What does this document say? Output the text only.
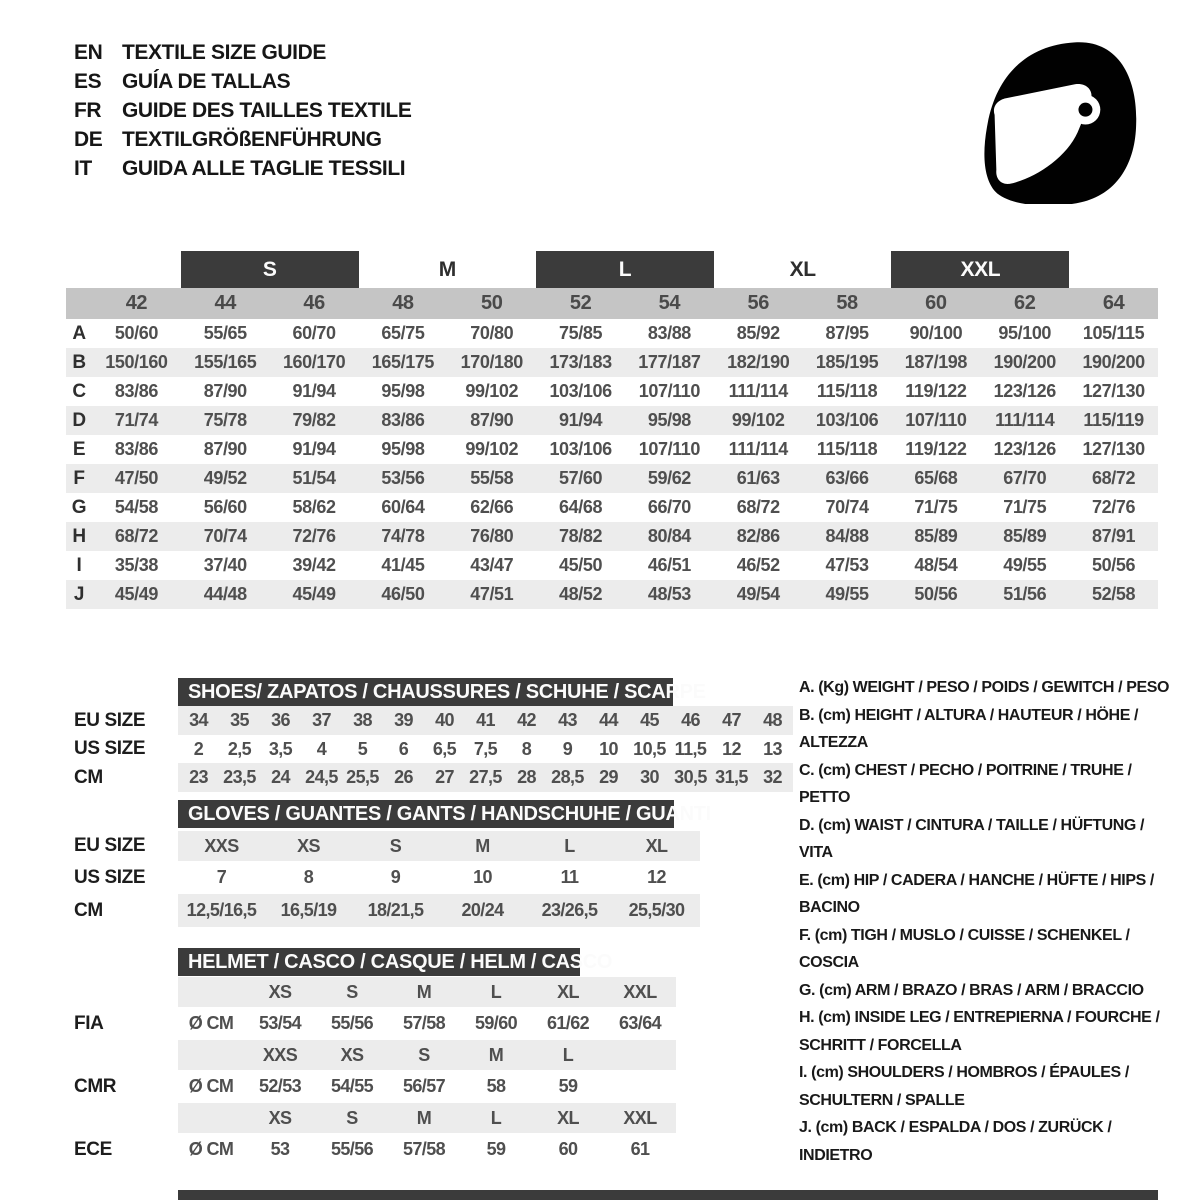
EN TEXTILE SIZE GUIDE
ES GUÍA DE TALLAS
FR GUIDE DES TAILLES TEXTILE
DE TEXTILGRÖßENFÜHRUNG
IT	GUIDA ALLE TAGLIE TESSILI
		S		M		L		XL		XXL		
	42	44	46	48	50	52	54	56	58	60	62	64
A	50/60	55/65	60/70	65/75	70/80	75/85	83/88	85/92	87/95	90/100	95/100	105/115
B	150/160	155/165	160/170	165/175	170/180	173/183	177/187	182/190	185/195	187/198	190/200	190/200
C	83/86	87/90	91/94	95/98	99/102	103/106	107/110	111/114	115/118	119/122	123/126	127/130
D	71/74	75/78	79/82	83/86	87/90	91/94	95/98	99/102	103/106	107/110	111/114	115/119
E	83/86	87/90	91/94	95/98	99/102	103/106	107/110	111/114	115/118	119/122	123/126	127/130
F	47/50	49/52	51/54	53/56	55/58	57/60	59/62	61/63	63/66	65/68	67/70	68/72
G	54/58	56/60	58/62	60/64	62/66	64/68	66/70	68/72	70/74	71/75	71/75	72/76
H	68/72	70/74	72/76	74/78	76/80	78/82	80/84	82/86	84/88	85/89	85/89	87/91
I	35/38	37/40	39/42	41/45	43/47	45/50	46/51	46/52	47/53	48/54	49/55	50/56
J	45/49	44/48	45/49	46/50	47/51	48/52	48/53	49/54	49/55	50/56	51/56	52/58
SHOES/ ZAPATOS / CHAUSSURES / SCHUHE / SCARPE
EU SIZE	34	35	36	37	38	39	40	41	42	43	44	45	46	47	48
US SIZE	2	2,5	3,5	4	5	6	6,5	7,5	8	9	10	10,5	11,5	12	13
CM	23	23,5	24	24,5	25,5	26	27	27,5	28	28,5	29	30	30,5	31,5	32
GLOVES / GUANTES / GANTS / HANDSCHUHE / GUANTI
EU SIZE	XXS	XS	S	M	L	XL
US SIZE	7	8	9	10	11	12
CM	12,5/16,5	16,5/19	18/21,5	20/24	23/26,5	25,5/30
HELMET / CASCO / CASQUE / HELM / CASCO
		XS	S	M	L	XL	XXL
FIA	Ø CM	53/54	55/56	57/58	59/60	61/62	63/64
		XXS	XS	S	M	L	
CMR	Ø CM	52/53	54/55	56/57	58	59	
		XS	S	M	L	XL	XXL
ECE	Ø CM	53	55/56	57/58	59	60	61
A. (Kg) WEIGHT / PESO / POIDS / GEWITCH / PESO
B. (cm) HEIGHT / ALTURA / HAUTEUR / HÖHE / ALTEZZA
C. (cm) CHEST / PECHO / POITRINE / TRUHE / PETTO
D. (cm) WAIST / CINTURA / TAILLE / HÜFTUNG / VITA
E. (cm) HIP / CADERA / HANCHE / HÜFTE / HIPS / BACINO
F. (cm) TIGH / MUSLO / CUISSE / SCHENKEL / COSCIA
G. (cm) ARM / BRAZO / BRAS / ARM / BRACCIO
H. (cm) INSIDE LEG / ENTREPIERNA / FOURCHE / SCHRITT / FORCELLA
I. (cm) SHOULDERS / HOMBROS / ÉPAULES / SCHULTERN / SPALLE
J. (cm) BACK / ESPALDA / DOS / ZURÜCK / INDIETRO
